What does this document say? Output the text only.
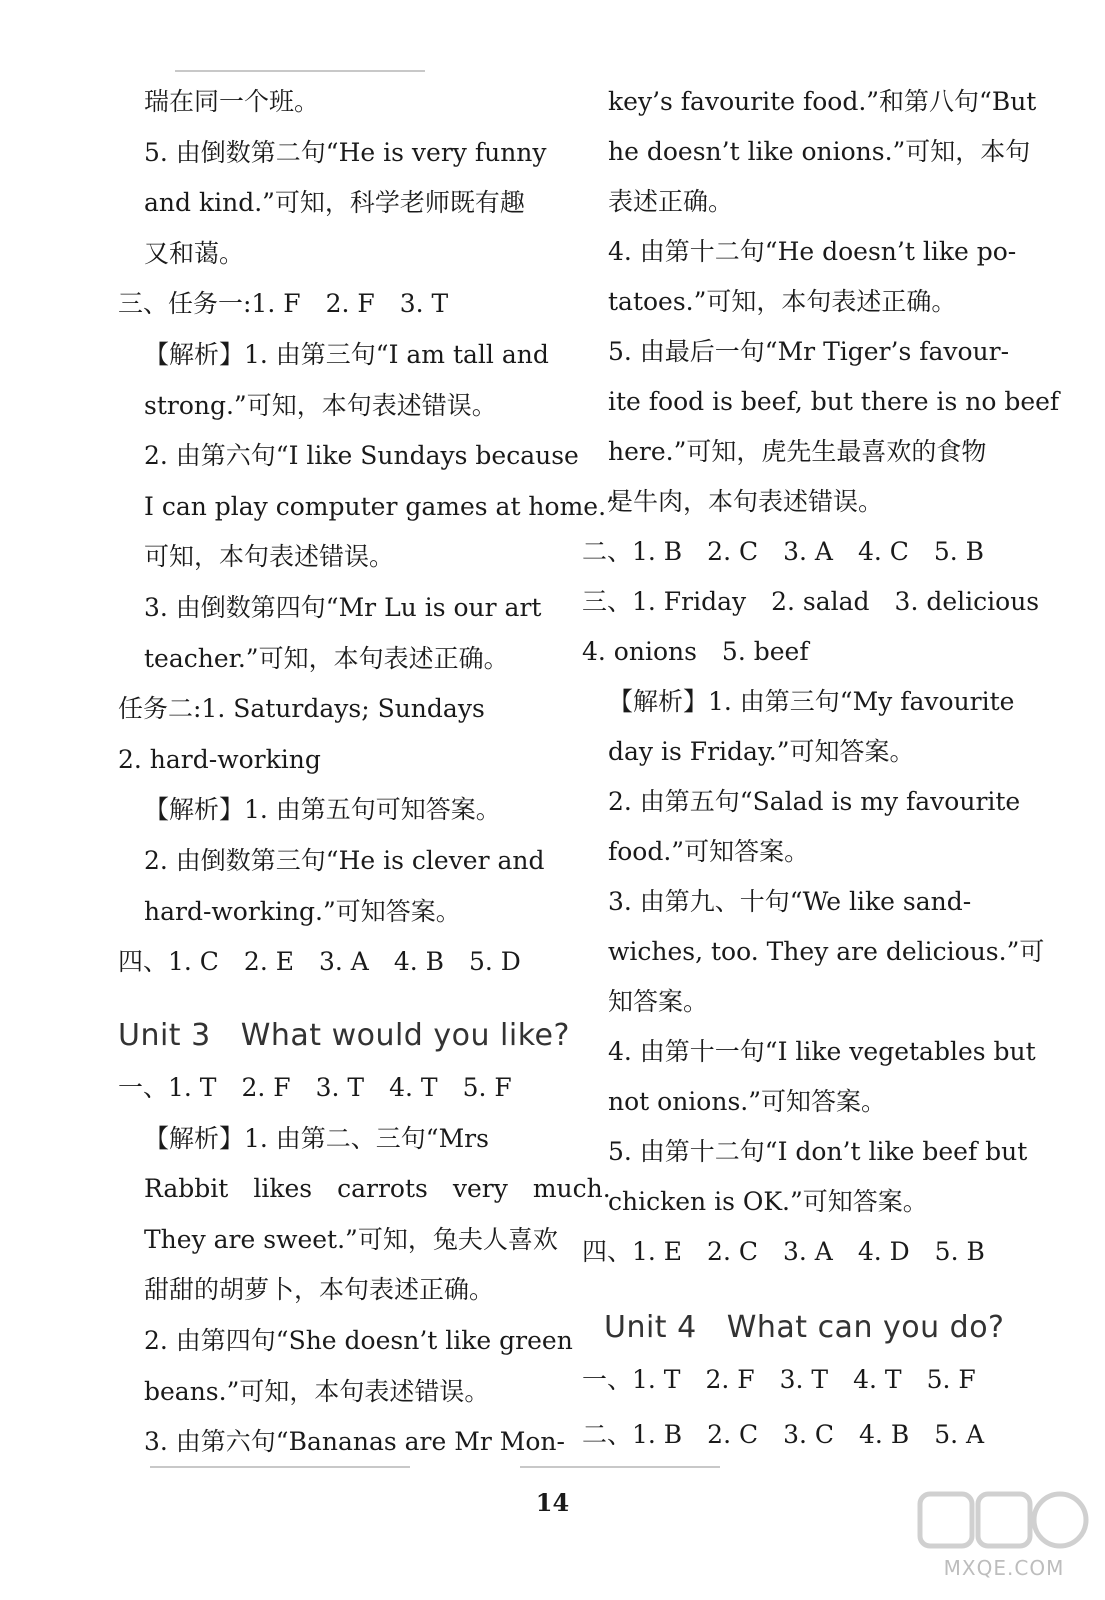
瑞在同一个班。
5. 由倒数第二句“He is very funny
and kind.”可知，科学老师既有趣
又和蔼。
三、任务一:1. F　2. F　3. T
【解析】1. 由第三句“I am tall and
strong.”可知，本句表述错误。
2. 由第六句“I like Sundays because
I can play computer games at home.”
可知，本句表述错误。
3. 由倒数第四句“Mr Lu is our art
teacher.”可知，本句表述正确。
任务二:1. Saturdays; Sundays
2. hard-working
【解析】1. 由第五句可知答案。
2. 由倒数第三句“He is clever and
hard-working.”可知答案。
四、1. C　2. E　3. A　4. B　5. D
Unit 3 What would you like?
一、1. T　2. F　3. T　4. T　5. F
【解析】1. 由第二、三句“Mrs
Rabbit　likes　carrots　very　much.
They are sweet.”可知，兔夫人喜欢
甜甜的胡萝卜，本句表述正确。
2. 由第四句“She doesn’t like green
beans.”可知，本句表述错误。
3. 由第六句“Bananas are Mr Mon-
key’s favourite food.”和第八句“But
he doesn’t like onions.”可知，本句
表述正确。
4. 由第十二句“He doesn’t like po-
tatoes.”可知，本句表述正确。
5. 由最后一句“Mr Tiger’s favour-
ite food is beef, but there is no beef
here.”可知，虎先生最喜欢的食物
是牛肉，本句表述错误。
二、1. B　2. C　3. A　4. C　5. B
三、1. Friday　2. salad　3. delicious
4. onions　5. beef
【解析】1. 由第三句“My favourite
day is Friday.”可知答案。
2. 由第五句“Salad is my favourite
food.”可知答案。
3. 由第九、十句“We like sand-
wiches, too. They are delicious.”可
知答案。
4. 由第十一句“I like vegetables but
not onions.”可知答案。
5. 由第十二句“I don’t like beef but
chicken is OK.”可知答案。
四、1. E　2. C　3. A　4. D　5. B
Unit 4 What can you do?
一、1. T　2. F　3. T　4. T　5. F
二、1. B　2. C　3. C　4. B　5. A
14
MXQE.COM
